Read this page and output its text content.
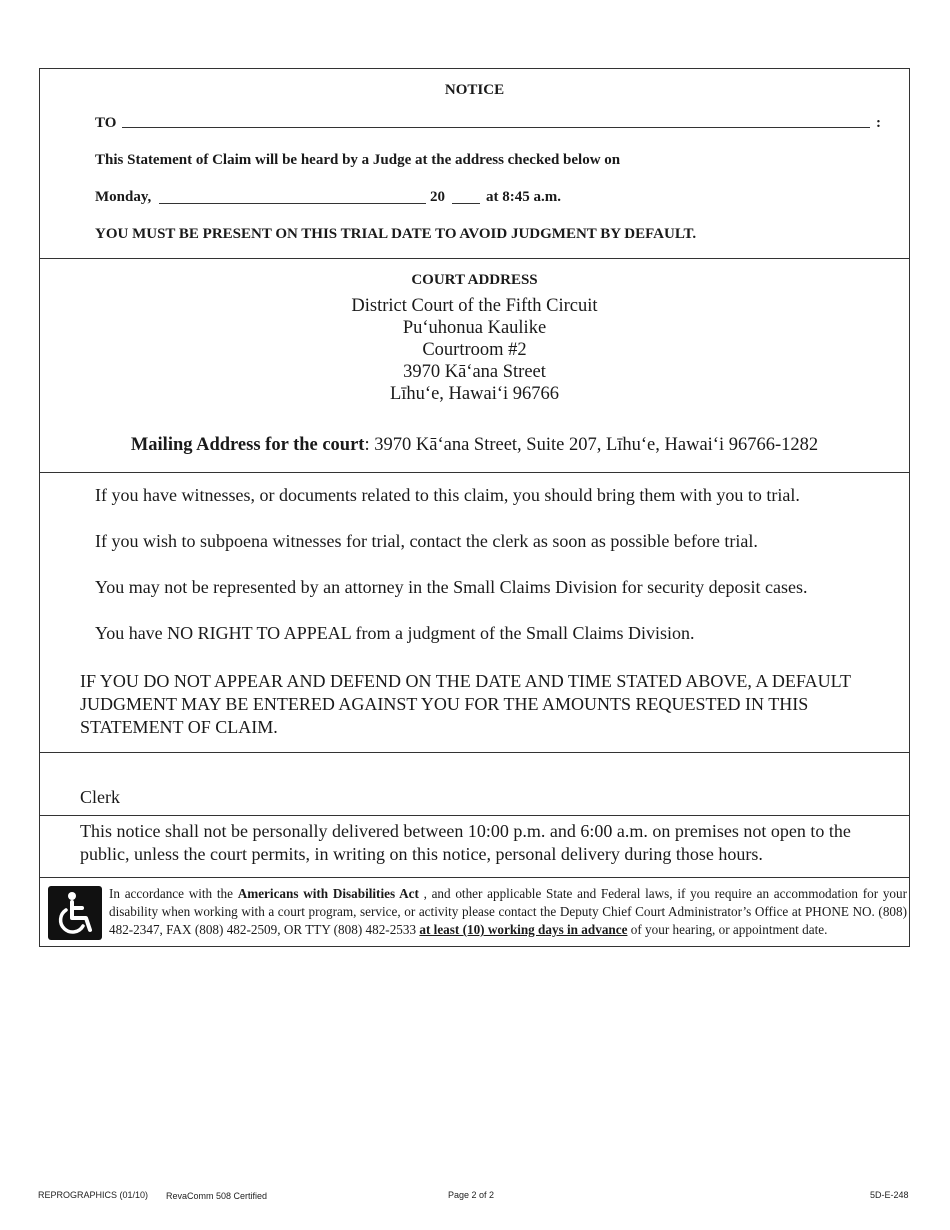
NOTICE
TO	:
This Statement of Claim will be heard by a Judge at the address checked below on
Monday,	20	at 8:45 a.m.
YOU MUST BE PRESENT ON THIS TRIAL DATE TO AVOID JUDGMENT BY DEFAULT.
COURT ADDRESS
District Court of the Fifth Circuit
Puʻuhonua Kaulike
Courtroom #2
3970 Kāʻana Street
Līhuʻe, Hawaiʻi 96766
Mailing Address for the court: 3970 Kāʻana Street, Suite 207, Līhuʻe, Hawaiʻi 96766-1282
If you have witnesses, or documents related to this claim, you should bring them with you to trial.
If you wish to subpoena witnesses for trial, contact the clerk as soon as possible before trial.
You may not be represented by an attorney in the Small Claims Division for security deposit cases.
You have NO RIGHT TO APPEAL from a judgment of the Small Claims Division.
IF YOU DO NOT APPEAR AND DEFEND ON THE DATE AND TIME STATED ABOVE, A DEFAULT JUDGMENT MAY BE ENTERED AGAINST YOU FOR THE AMOUNTS REQUESTED IN THIS STATEMENT OF CLAIM.
Clerk
This notice shall not be personally delivered between 10:00 p.m. and 6:00 a.m. on premises not open to the public, unless the court permits, in writing on this notice, personal delivery during those hours.
In accordance with the Americans with Disabilities Act , and other applicable State and Federal laws, if you require an accommodation for your disability when working with a court program, service, or activity please contact the Deputy Chief Court Administrator’s Office at PHONE NO. (808) 482-2347, FAX (808) 482-2509, OR TTY (808) 482-2533 at least (10) working days in advance of your hearing, or appointment date.
REPROGRAPHICS (01/10) RevaComm 508 Certified	Page 2 of 2	5D-E-248
